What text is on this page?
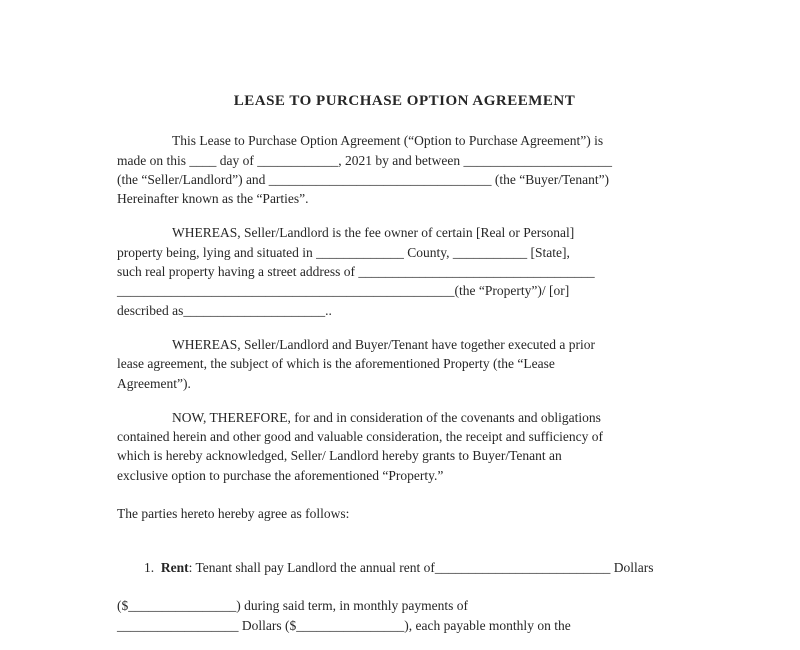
LEASE TO PURCHASE OPTION AGREEMENT
This Lease to Purchase Option Agreement (“Option to Purchase Agreement”) is
made on this ____ day of ____________, 2021 by and between ______________________
(the “Seller/Landlord”) and _________________________________ (the “Buyer/Tenant”)
Hereinafter known as the “Parties”.
WHEREAS, Seller/Landlord is the fee owner of certain [Real or Personal]
property being, lying and situated in _____________ County, ___________ [State],
such real property having a street address of ___________________________________
__________________________________________________(the “Property”)/ [or]
described as_____________________..
WHEREAS, Seller/Landlord and Buyer/Tenant have together executed a prior
lease agreement, the subject of which is the aforementioned Property (the “Lease
Agreement”).
NOW, THEREFORE, for and in consideration of the covenants and obligations
contained herein and other good and valuable consideration, the receipt and sufficiency of
which is hereby acknowledged, Seller/ Landlord hereby grants to Buyer/Tenant an
exclusive option to purchase the aforementioned “Property.”
The parties hereto hereby agree as follows:

1.  Rent: Tenant shall pay Landlord the annual rent of__________________________ Dollars

($________________) during said term, in monthly payments of
__________________ Dollars ($________________), each payable monthly on the
